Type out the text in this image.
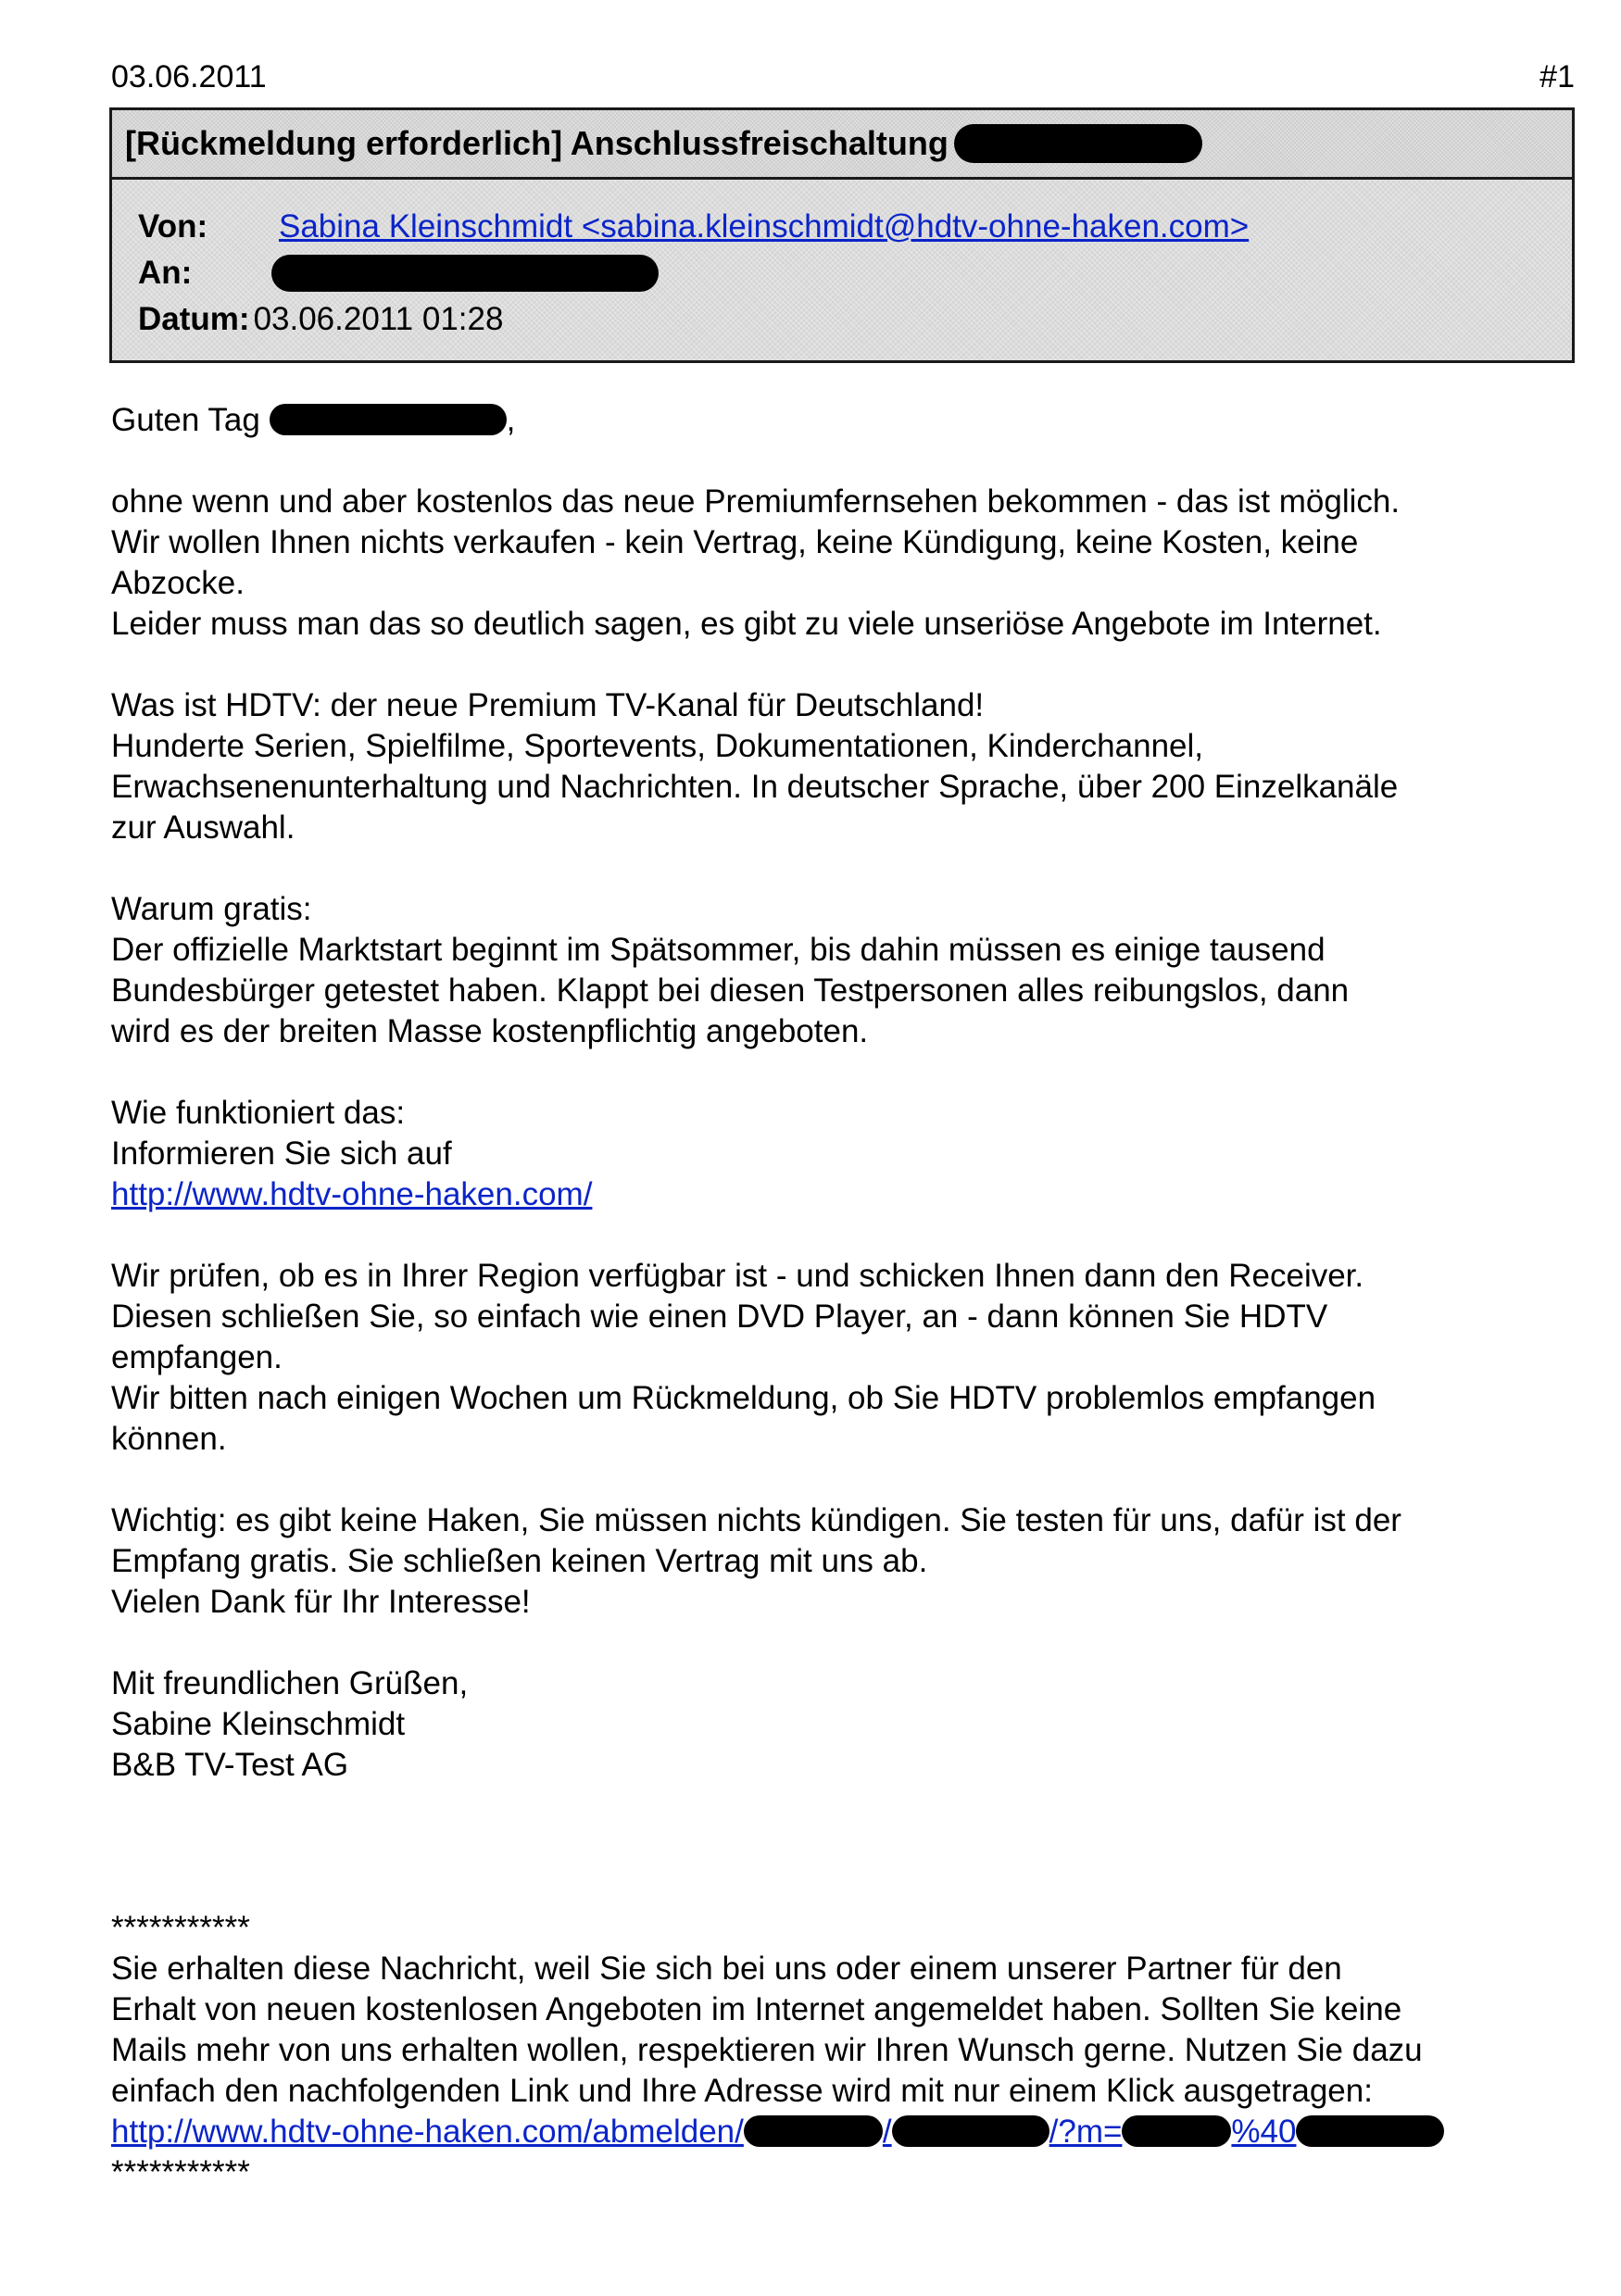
03.06.2011	#1
[Rückmeldung erforderlich] Anschlussfreischaltung
Von:	Sabina Kleinschmidt <sabina.kleinschmidt@hdtv-ohne-haken.com>
An:
Datum: 03.06.2011 01:28

Guten Tag	,

ohne wenn und aber kostenlos das neue Premiumfernsehen bekommen - das ist möglich.
Wir wollen Ihnen nichts verkaufen - kein Vertrag, keine Kündigung, keine Kosten, keine
Abzocke.
Leider muss man das so deutlich sagen, es gibt zu viele unseriöse Angebote im Internet.

Was ist HDTV: der neue Premium TV-Kanal für Deutschland!
Hunderte Serien, Spielfilme, Sportevents, Dokumentationen, Kinderchannel,
Erwachsenenunterhaltung und Nachrichten. In deutscher Sprache, über 200 Einzelkanäle
zur Auswahl.

Warum gratis:
Der offizielle Marktstart beginnt im Spätsommer, bis dahin müssen es einige tausend
Bundesbürger getestet haben. Klappt bei diesen Testpersonen alles reibungslos, dann
wird es der breiten Masse kostenpflichtig angeboten.

Wie funktioniert das:
Informieren Sie sich auf
http://www.hdtv-ohne-haken.com/

Wir prüfen, ob es in Ihrer Region verfügbar ist - und schicken Ihnen dann den Receiver.
Diesen schließen Sie, so einfach wie einen DVD Player, an - dann können Sie HDTV
empfangen.
Wir bitten nach einigen Wochen um Rückmeldung, ob Sie HDTV problemlos empfangen
können.

Wichtig: es gibt keine Haken, Sie müssen nichts kündigen. Sie testen für uns, dafür ist der
Empfang gratis. Sie schließen keinen Vertrag mit uns ab.
Vielen Dank für Ihr Interesse!

Mit freundlichen Grüßen,
Sabine Kleinschmidt
B&B TV-Test AG

***********
Sie erhalten diese Nachricht, weil Sie sich bei uns oder einem unserer Partner für den
Erhalt von neuen kostenlosen Angeboten im Internet angemeldet haben. Sollten Sie keine
Mails mehr von uns erhalten wollen, respektieren wir Ihren Wunsch gerne. Nutzen Sie dazu
einfach den nachfolgenden Link und Ihre Adresse wird mit nur einem Klick ausgetragen:
http://www.hdtv-ohne-haken.com/abmelden/	/	/?m=	%40
***********
